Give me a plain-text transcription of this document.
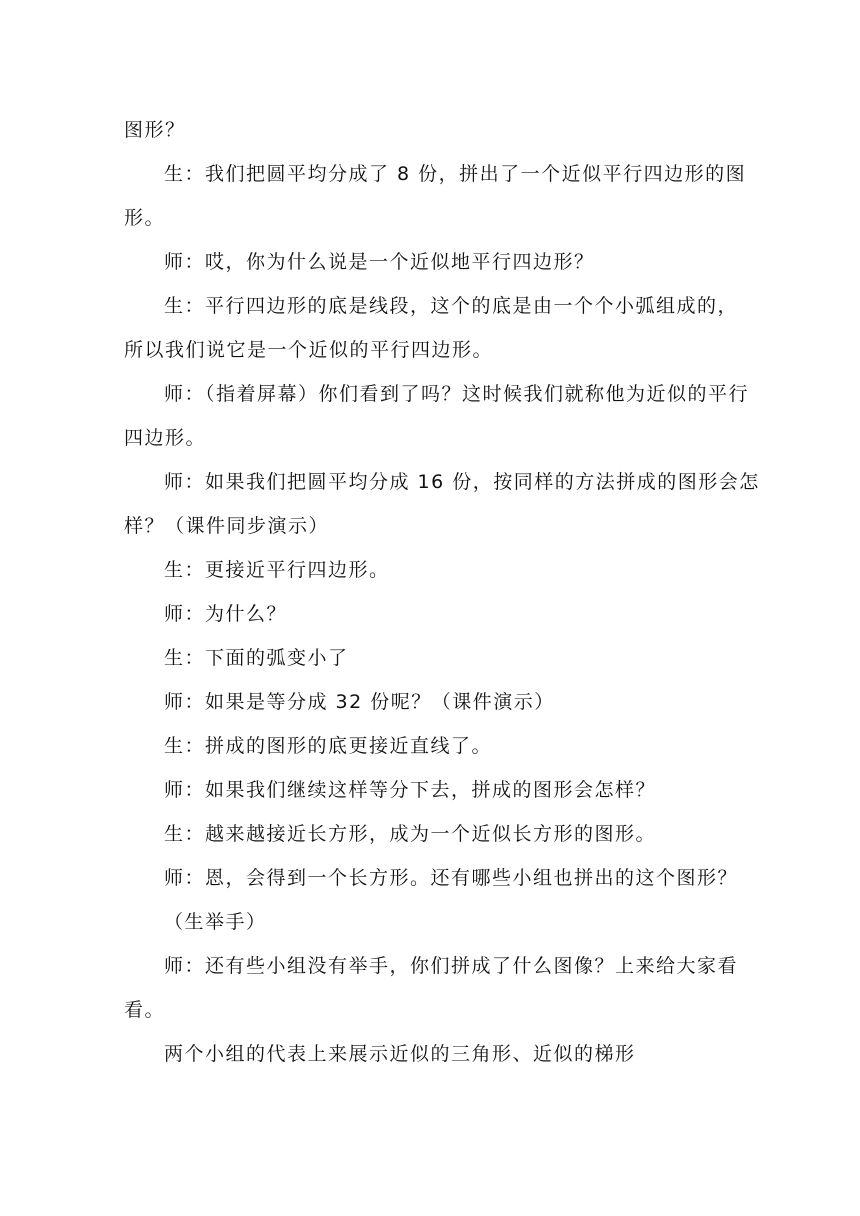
图形？
生：我们把圆平均分成了 8 份，拼出了一个近似平行四边形的图
形。
师：哎，你为什么说是一个近似地平行四边形？
生：平行四边形的底是线段，这个的底是由一个个小弧组成的，
所以我们说它是一个近似的平行四边形。
师：（指着屏幕）你们看到了吗？这时候我们就称他为近似的平行
四边形。
师：如果我们把圆平均分成 16 份，按同样的方法拼成的图形会怎
样？（课件同步演示）
生：更接近平行四边形。
师：为什么？
生：下面的弧变小了
师：如果是等分成 32 份呢？（课件演示）
生：拼成的图形的底更接近直线了。
师：如果我们继续这样等分下去，拼成的图形会怎样？
生：越来越接近长方形，成为一个近似长方形的图形。
师：恩，会得到一个长方形。还有哪些小组也拼出的这个图形？
（生举手）
师：还有些小组没有举手，你们拼成了什么图像？上来给大家看
看。
两个小组的代表上来展示近似的三角形、近似的梯形
